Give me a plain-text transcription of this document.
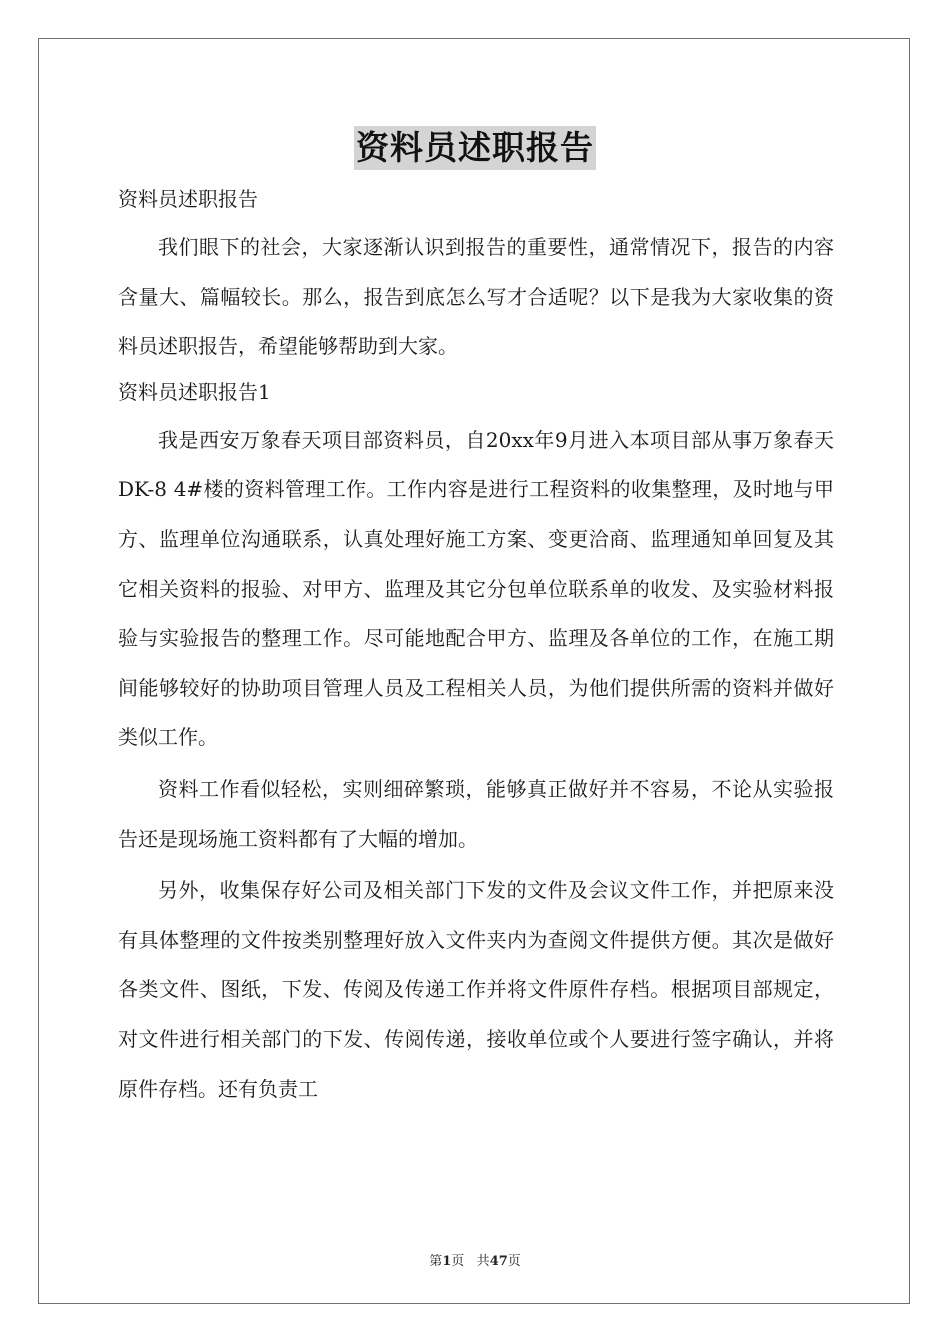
资料员述职报告
资料员述职报告

我们眼下的社会，大家逐渐认识到报告的重要性，通常情况下，报告的内容含量大、篇幅较长。那么，报告到底怎么写才合适呢？以下是我为大家收集的资料员述职报告，希望能够帮助到大家。

资料员述职报告1

我是西安万象春天项目部资料员，自20xx年9月进入本项目部从事万象春天DK-8 4#楼的资料管理工作。工作内容是进行工程资料的收集整理，及时地与甲方、监理单位沟通联系，认真处理好施工方案、变更洽商、监理通知单回复及其它相关资料的报验、对甲方、监理及其它分包单位联系单的收发、及实验材料报验与实验报告的整理工作。尽可能地配合甲方、监理及各单位的工作，在施工期间能够较好的协助项目管理人员及工程相关人员，为他们提供所需的资料并做好类似工作。

资料工作看似轻松，实则细碎繁琐，能够真正做好并不容易，不论从实验报告还是现场施工资料都有了大幅的增加。

另外，收集保存好公司及相关部门下发的文件及会议文件工作，并把原来没有具体整理的文件按类别整理好放入文件夹内为查阅文件提供方便。其次是做好各类文件、图纸，下发、传阅及传递工作并将文件原件存档。根据项目部规定，对文件进行相关部门的下发、传阅传递，接收单位或个人要进行签字确认，并将原件存档。还有负责工

第1页 共47页
